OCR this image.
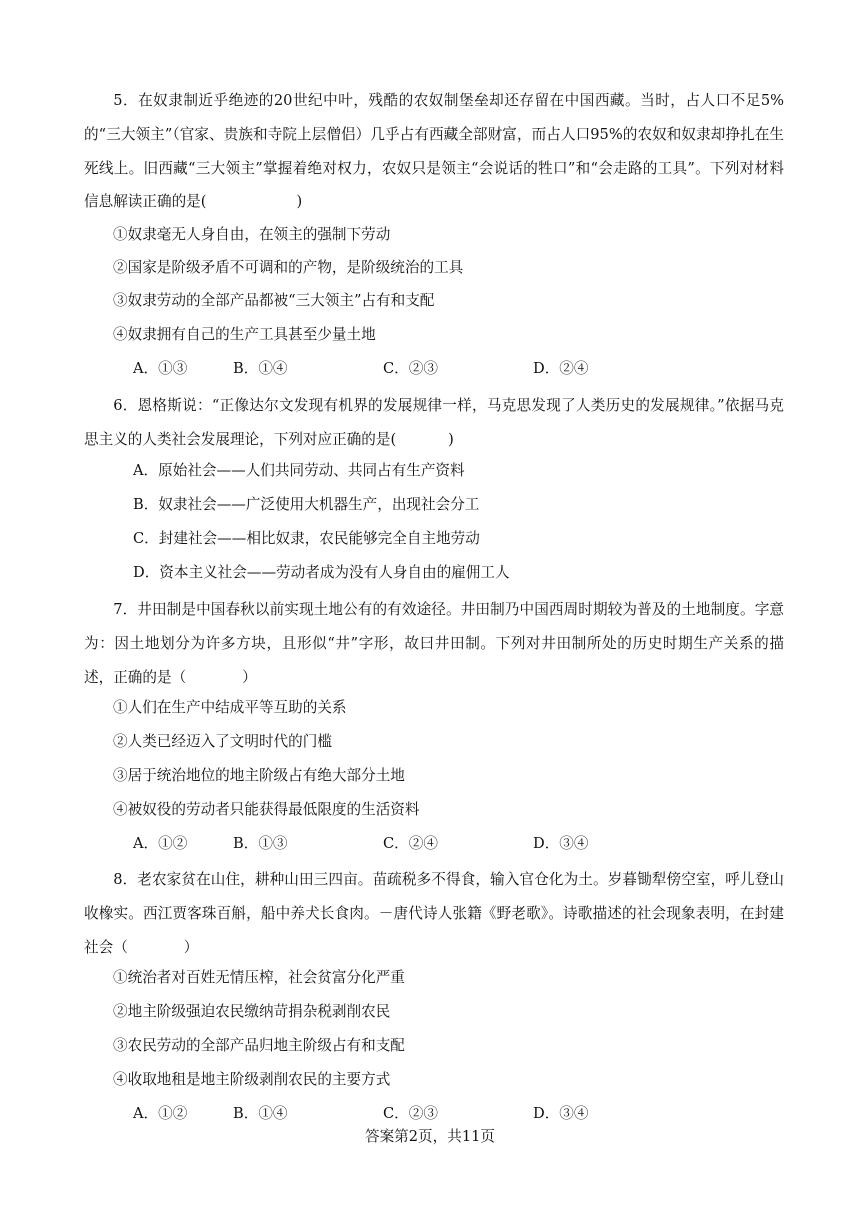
5．在奴隶制近乎绝迹的20世纪中叶，残酷的农奴制堡垒却还存留在中国西藏。当时，占人口不足5%的“三大领主”（官家、贵族和寺院上层僧侣）几乎占有西藏全部财富，而占人口95%的农奴和奴隶却挣扎在生死线上。旧西藏“三大领主”掌握着绝对权力，农奴只是领主“会说话的牲口”和“会走路的工具”。下列对材料信息解读正确的是(	)

①奴隶毫无人身自由，在领主的强制下劳动

②国家是阶级矛盾不可调和的产物，是阶级统治的工具

③奴隶劳动的全部产品都被“三大领主”占有和支配

④奴隶拥有自己的生产工具甚至少量土地

A．①③	B．①④	C．②③	D．②④

6．恩格斯说：“正像达尔文发现有机界的发展规律一样，马克思发现了人类历史的发展规律。”依据马克思主义的人类社会发展理论，下列对应正确的是(	)

A．原始社会——人们共同劳动、共同占有生产资料

B．奴隶社会——广泛使用大机器生产，出现社会分工

C．封建社会——相比奴隶，农民能够完全自主地劳动

D．资本主义社会——劳动者成为没有人身自由的雇佣工人

7．井田制是中国春秋以前实现土地公有的有效途径。井田制乃中国西周时期较为普及的土地制度。字意为：因土地划分为许多方块，且形似“井”字形，故曰井田制。下列对井田制所处的历史时期生产关系的描述，正确的是（	）

①人们在生产中结成平等互助的关系

②人类已经迈入了文明时代的门槛

③居于统治地位的地主阶级占有绝大部分土地

④被奴役的劳动者只能获得最低限度的生活资料

A．①②	B．①③	C．②④	D．③④

8．老农家贫在山住，耕种山田三四亩。苗疏税多不得食，输入官仓化为土。岁暮锄犁傍空室，呼儿登山收橡实。西江贾客珠百斛，船中养犬长食肉。－唐代诗人张籍《野老歌》。诗歌描述的社会现象表明，在封建社会（	）

①统治者对百姓无情压榨，社会贫富分化严重

②地主阶级强迫农民缴纳苛捐杂税剥削农民

③农民劳动的全部产品归地主阶级占有和支配

④收取地租是地主阶级剥削农民的主要方式

A．①②	B．①④	C．②③	D．③④
答案第2页，共11页
